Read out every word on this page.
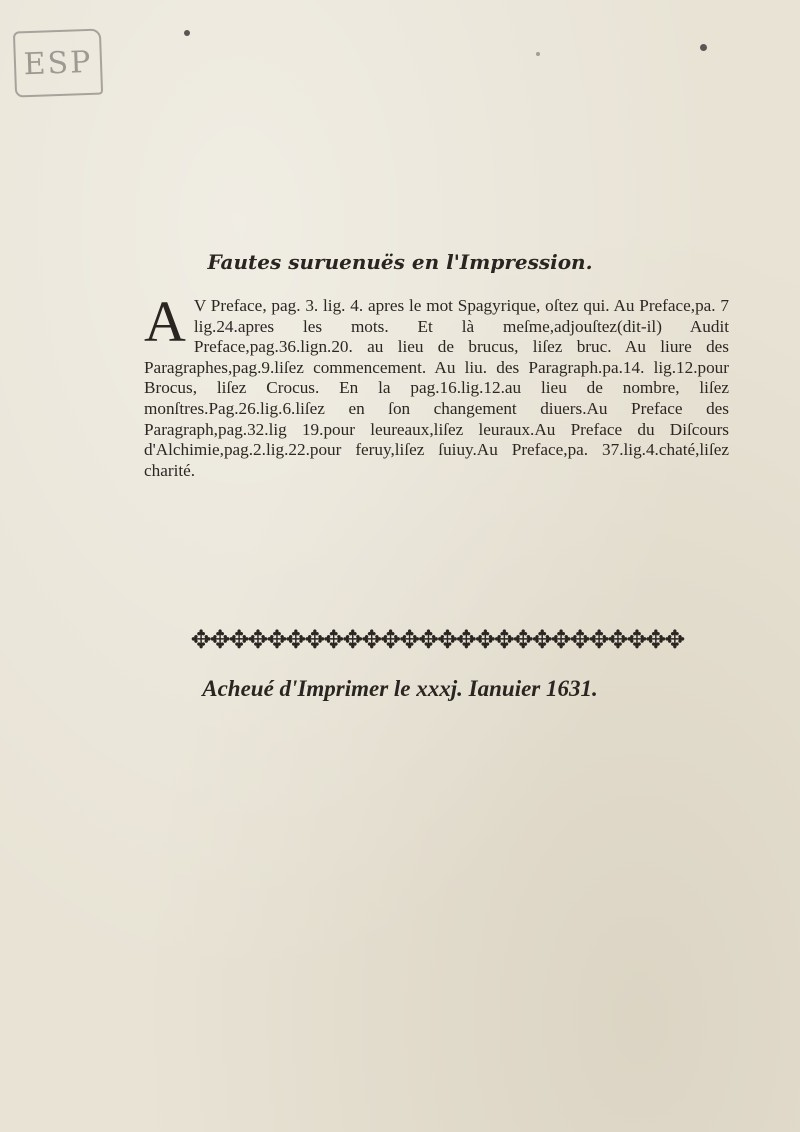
ESP
Fautes suruenuës en l'Impression.
A V Preface, pag. 3. lig. 4. apres le mot Spagyrique, oſtez qui. Au Preface,pa. 7 lig.24.apres les mots. Et là meſme,adjouſtez(dit-il) Audit Preface,pag.36.lign.20. au lieu de brucus, liſez bruc. Au liure des Paragraphes,pag.9.liſez commencement. Au liu. des Paragraph.pa.14. lig.12.pour Brocus, liſez Crocus. En la pag.16.lig.12.au lieu de nombre, liſez monſtres.Pag.26.lig.6.liſez en ſon changement diuers.Au Preface des Paragraph,pag.32.lig 19.pour leureaux,liſez leuraux.Au Preface du Diſcours d'Alchimie,pag.2.lig.22.pour feruy,liſez ſuiuy.Au Preface,pa. 37.lig.4.chaté,liſez charité.
✥✥✥✥✥✥✥✥✥✥✥✥✥✥✥✥✥✥✥✥✥✥✥✥✥✥
Acheué d'Imprimer le xxxj. Ianuier 1631.
